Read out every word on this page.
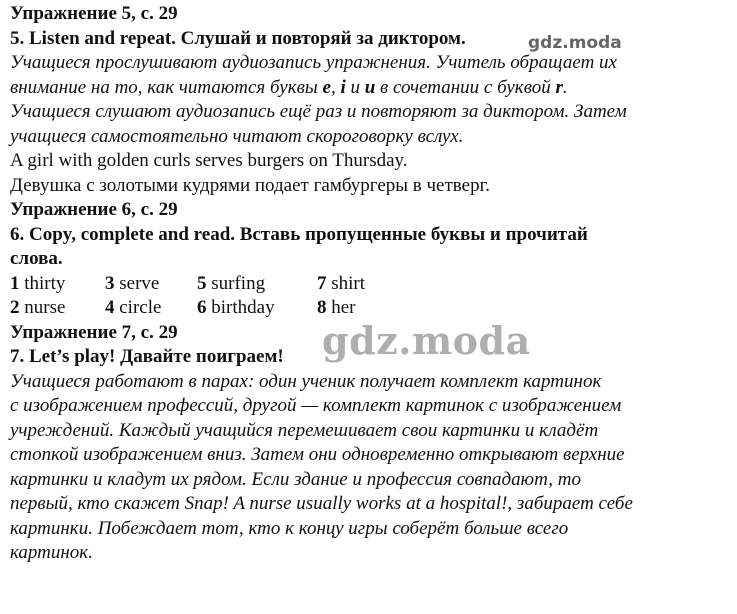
Упражнение 5, с. 29
5. Listen and repeat. Слушай и повторяй за диктором.
Учащиеся прослушивают аудиозапись упражнения. Учитель обращает их
внимание на то, как читаются буквы e, i и u в сочетании с буквой r.
Учащиеся слушают аудиозапись ещё раз и повторяют за диктором. Затем
учащиеся самостоятельно читают скороговорку вслух.
A girl with golden curls serves burgers on Thursday.
Девушка с золотыми кудрями подает гамбургеры в четверг.
Упражнение 6, с. 29
6. Copy, complete and read. Вставь пропущенные буквы и прочитай
слова.
1 thirty	3 serve	5 surfing	7 shirt
2 nurse	4 circle	6 birthday	8 her
Упражнение 7, с. 29
7. Let’s play! Давайте поиграем!
Учащиеся работают в парах: один ученик получает комплект картинок
с изображением профессий, другой — комплект картинок с изображением
учреждений. Каждый учащийся перемешивает свои картинки и кладёт
стопкой изображением вниз. Затем они одновременно открывают верхние
картинки и кладут их рядом. Если здание и профессия совпадают, то
первый, кто скажет Snap! A nurse usually works at a hospital!, забирает себе
картинки. Побеждает тот, кто к концу игры соберёт больше всего
картинок.
gdz.moda
gdz.moda
